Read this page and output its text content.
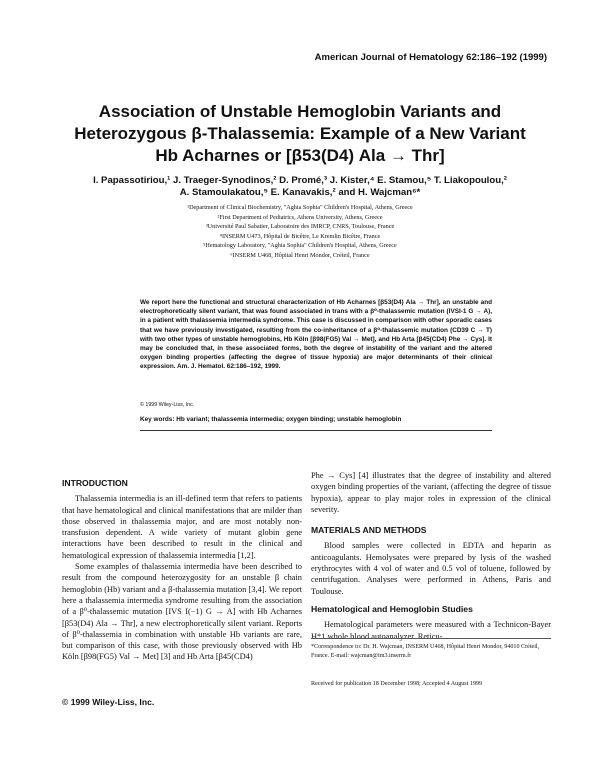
American Journal of Hematology 62:186–192 (1999)
Association of Unstable Hemoglobin Variants and
Heterozygous β-Thalassemia: Example of a New Variant
Hb Acharnes or [β53(D4) Ala → Thr]
I. Papassotiriou,¹ J. Traeger-Synodinos,² D. Promé,³ J. Kister,⁴ E. Stamou,⁵ T. Liakopoulou,²
A. Stamoulakatou,⁵ E. Kanavakis,² and H. Wajcman⁶*
¹Department of Clinical Biochemistry, "Aghia Sophia" Children's Hospital, Athens, Greece
²First Department of Pediatrics, Athens University, Athens, Greece
³Université Paul Sabatier, Laboratoire des IMRCP, CNRS, Toulouse, France
⁴INSERM U473, Hôpital de Bicêtre, Le Kremlin Bicêtre, France
⁵Hematology Laboratory, "Aghia Sophia" Children's Hospital, Athens, Greece
⁶INSERM U468, Hôpital Henri Mondor, Créteil, France
We report here the functional and structural characterization of Hb Acharnes [β53(D4) Ala → Thr], an unstable and electrophoretically silent variant, that was found associated in trans with a β⁰-thalassemic mutation (IVSI-1 G → A), in a patient with thalassemia intermedia syndrome. This case is discussed in comparison with other sporadic cases that we have previously investigated, resulting from the co-inheritance of a β⁰-thalassemic mutation (CD39 C → T) with two other types of unstable hemoglobins, Hb Köln [β98(FG5) Val → Met], and Hb Arta [β45(CD4) Phe → Cys]. It may be concluded that, in these associated forms, both the degree of instability of the variant and the altered oxygen binding properties (affecting the degree of tissue hypoxia) are major determinants of their clinical expression. Am. J. Hematol. 62:186–192, 1999.
© 1999 Wiley-Liss, Inc.
Key words: Hb variant; thalassemia intermedia; oxygen binding; unstable hemoglobin
INTRODUCTION

Thalassemia intermedia is an ill-defined term that refers to patients that have hematological and clinical manifestations that are milder than those observed in thalassemia major, and are most notably non-transfusion dependent. A wide variety of mutant globin gene interactions have been described to result in the clinical and hematological expression of thalassemia intermedia [1,2].

Some examples of thalassemia intermedia have been described to result from the compound heterozygosity for an unstable β chain hemoglobin (Hb) variant and a β-thalassemia mutation [3,4]. We report here a thalassemia intermedia syndrome resulting from the association of a β⁰-thalassemic mutation [IVS I(−1) G → A] with Hb Acharnes [β53(D4) Ala → Thr], a new electrophoretically silent variant. Reports of β⁰-thalassemia in combination with unstable Hb variants are rare, but comparison of this case, with those previously observed with Hb Köln [β98(FG5) Val → Met] [3] and Hb Arta [β45(CD4)

Phe → Cys] [4] illustrates that the degree of instability and altered oxygen binding properties of the variant, (affecting the degree of tissue hypoxia), appear to play major roles in expression of the clinical severity.

MATERIALS AND METHODS

Blood samples were collected in EDTA and heparin as anticoagulants. Hemolysates were prepared by lysis of the washed erythrocytes with 4 vol of water and 0.5 vol of toluene, followed by centrifugation. Analyses were performed in Athens, Paris and Toulouse.

Hematological and Hemoglobin Studies

Hematological parameters were measured with a Technicon-Bayer H*1 whole blood autoanalyzer. Reticu-

*Correspondence to: Dr. H. Wajcman, INSERM U468, Hôpital Henri Mondor, 94010 Créteil, France. E-mail: wajcman@im3.inserm.fr
Received for publication 18 December 1998; Accepted 4 August 1999
© 1999 Wiley-Liss, Inc.
